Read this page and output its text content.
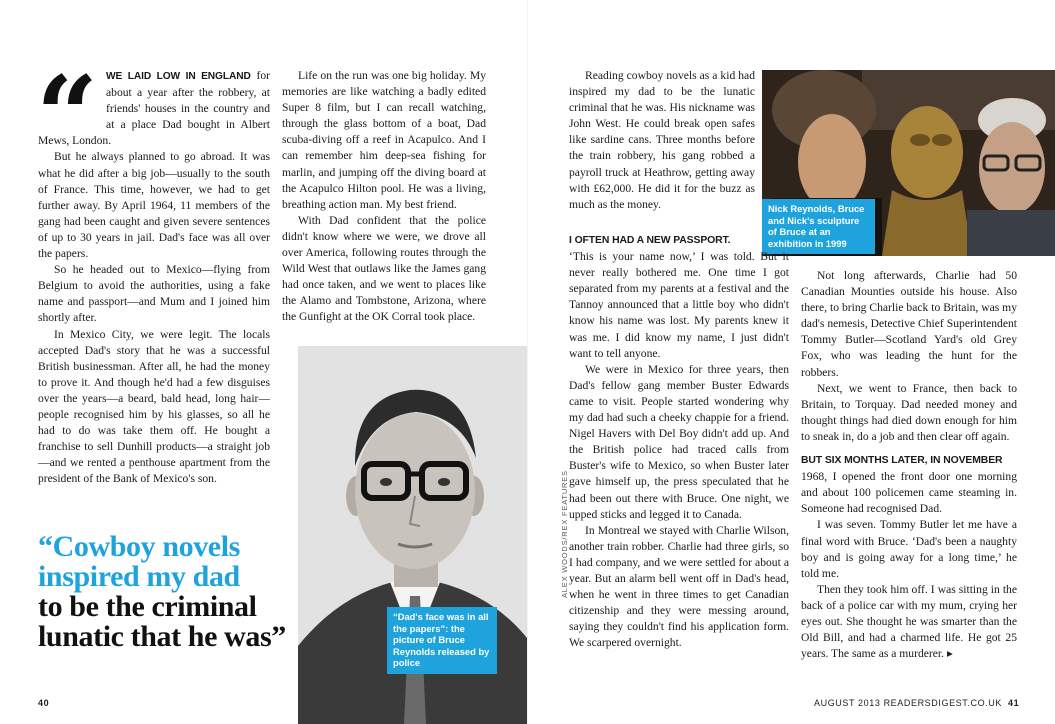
WE LAID LOW IN ENGLAND for about a year after the robbery, at friends' houses in the country and at a place Dad bought in Albert Mews, London.

But he always planned to go abroad. It was what he did after a big job—usually to the south of France. This time, however, we had to get further away. By April 1964, 11 members of the gang had been caught and given severe sentences of up to 30 years in jail. Dad's face was all over the papers.

So he headed out to Mexico—flying from Belgium to avoid the authorities, using a fake name and passport—and Mum and I joined him shortly after.

In Mexico City, we were legit. The locals accepted Dad's story that he was a successful British businessman. After all, he had the money to prove it. And though he'd had a few disguises over the years—a beard, bald head, long hair—people recognised him by his glasses, so all he had to do was take them off. He bought a franchise to sell Dunhill products—a straight job—and we rented a penthouse apartment from the president of the Bank of Mexico's son.

Life on the run was one big holiday. My memories are like watching a badly edited Super 8 film, but I can recall watching, through the glass bottom of a boat, Dad scuba-diving off a reef in Acapulco. And I can remember him deep-sea fishing for marlin, and jumping off the diving board at the Acapulco Hilton pool. He was a living, breathing action man. My best friend.

With Dad confident that the police didn't know where we were, we drove all over America, following routes through the Wild West that outlaws like the James gang had once taken, and we went to places like the Alamo and Tombstone, Arizona, where the Gunfight at the OK Corral took place.

“Cowboy novels inspired my dad
to be the criminal lunatic that he was”
“Dad's face was in all the papers”: the picture of Bruce Reynolds released by police
ALEX WOODS/REX FEATURES
Nick Reynolds, Bruce and Nick's sculpture of Bruce at an exhibition in 1999

Reading cowboy novels as a kid had inspired my dad to be the lunatic criminal that he was. His nickname was John West. He could break open safes like sardine cans. Three months before the train robbery, his gang robbed a payroll truck at Heathrow, getting away with £62,000. He did it for the buzz as much as the money.

I OFTEN HAD A NEW PASSPORT.

‘This is your name now,’ I was told. But it never really bothered me. One time I got separated from my parents at a festival and the Tannoy announced that a little boy who didn't know his name was lost. My parents knew it was me. I did know my name, I just didn't want to tell anyone.

We were in Mexico for three years, then Dad's fellow gang member Buster Edwards came to visit. People started wondering why my dad had such a cheeky chappie for a friend. Nigel Havers with Del Boy didn't add up. And the British police had traced calls from Buster's wife to Mexico, so when Buster later gave himself up, the press speculated that he had been out there with Bruce. One night, we upped sticks and legged it to Canada.

In Montreal we stayed with Charlie Wilson, another train robber. Charlie had three girls, so I had company, and we were settled for about a year. But an alarm bell went off in Dad's head, when he went in three times to get Canadian citizenship and they were messing around, saying they couldn't find his application form. We scarpered overnight.

Not long afterwards, Charlie had 50 Canadian Mounties outside his house. Also there, to bring Charlie back to Britain, was my dad's nemesis, Detective Chief Superintendent Tommy Butler—Scotland Yard's old Grey Fox, who was leading the hunt for the robbers.

Next, we went to France, then back to Britain, to Torquay. Dad needed money and thought things had died down enough for him to sneak in, do a job and then clear off again.

BUT SIX MONTHS LATER, IN NOVEMBER

1968, I opened the front door one morning and about 100 policemen came steaming in. Someone had recognised Dad.

I was seven. Tommy Butler let me have a final word with Bruce. ‘Dad's been a naughty boy and is going away for a long time,’ he told me.

Then they took him off. I was sitting in the back of a police car with my mum, crying her eyes out. She thought he was smarter than the Old Bill, and had a charmed life. He got 25 years. The same as a murderer. ▸

40	AUGUST 2013 READERSDIGEST.CO.UK 41
